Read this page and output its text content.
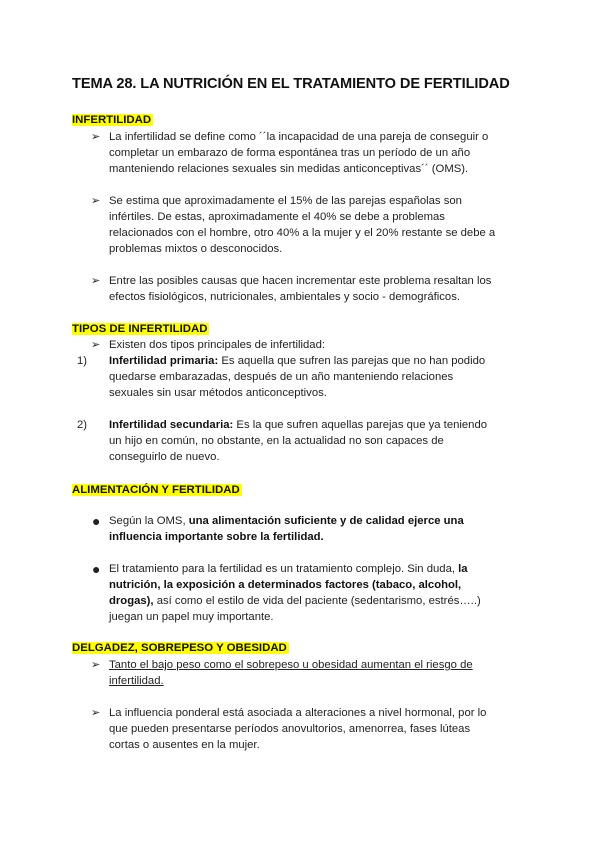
TEMA 28. LA NUTRICIÓN EN EL TRATAMIENTO DE FERTILIDAD
INFERTILIDAD
➢ La infertilidad se define como ´´la incapacidad de una pareja de conseguir o
completar un embarazo de forma espontánea tras un período de un año
manteniendo relaciones sexuales sin medidas anticonceptivas´´ (OMS).
➢ Se estima que aproximadamente el 15% de las parejas españolas son
infértiles. De estas, aproximadamente el 40% se debe a problemas
relacionados con el hombre, otro 40% a la mujer y el 20% restante se debe a
problemas mixtos o desconocidos.
➢ Entre las posibles causas que hacen incrementar este problema resaltan los
efectos fisiológicos, nutricionales, ambientales y socio - demográficos.
TIPOS DE INFERTILIDAD
➢ Existen dos tipos principales de infertilidad:
1) Infertilidad primaria: Es aquella que sufren las parejas que no han podido
quedarse embarazadas, después de un año manteniendo relaciones
sexuales sin usar métodos anticonceptivos.
2) Infertilidad secundaria: Es la que sufren aquellas parejas que ya teniendo
un hijo en común, no obstante, en la actualidad no son capaces de
conseguirlo de nuevo.
ALIMENTACIÓN Y FERTILIDAD
● Según la OMS, una alimentación suficiente y de calidad ejerce una
influencia importante sobre la fertilidad.
● El tratamiento para la fertilidad es un tratamiento complejo. Sin duda, la
nutrición, la exposición a determinados factores (tabaco, alcohol,
drogas), así como el estilo de vida del paciente (sedentarismo, estrés…..)
juegan un papel muy importante.
DELGADEZ, SOBREPESO Y OBESIDAD
➢ Tanto el bajo peso como el sobrepeso u obesidad aumentan el riesgo de
infertilidad.
➢ La influencia ponderal está asociada a alteraciones a nivel hormonal, por lo
que pueden presentarse períodos anovultorios, amenorrea, fases lúteas
cortas o ausentes en la mujer.
